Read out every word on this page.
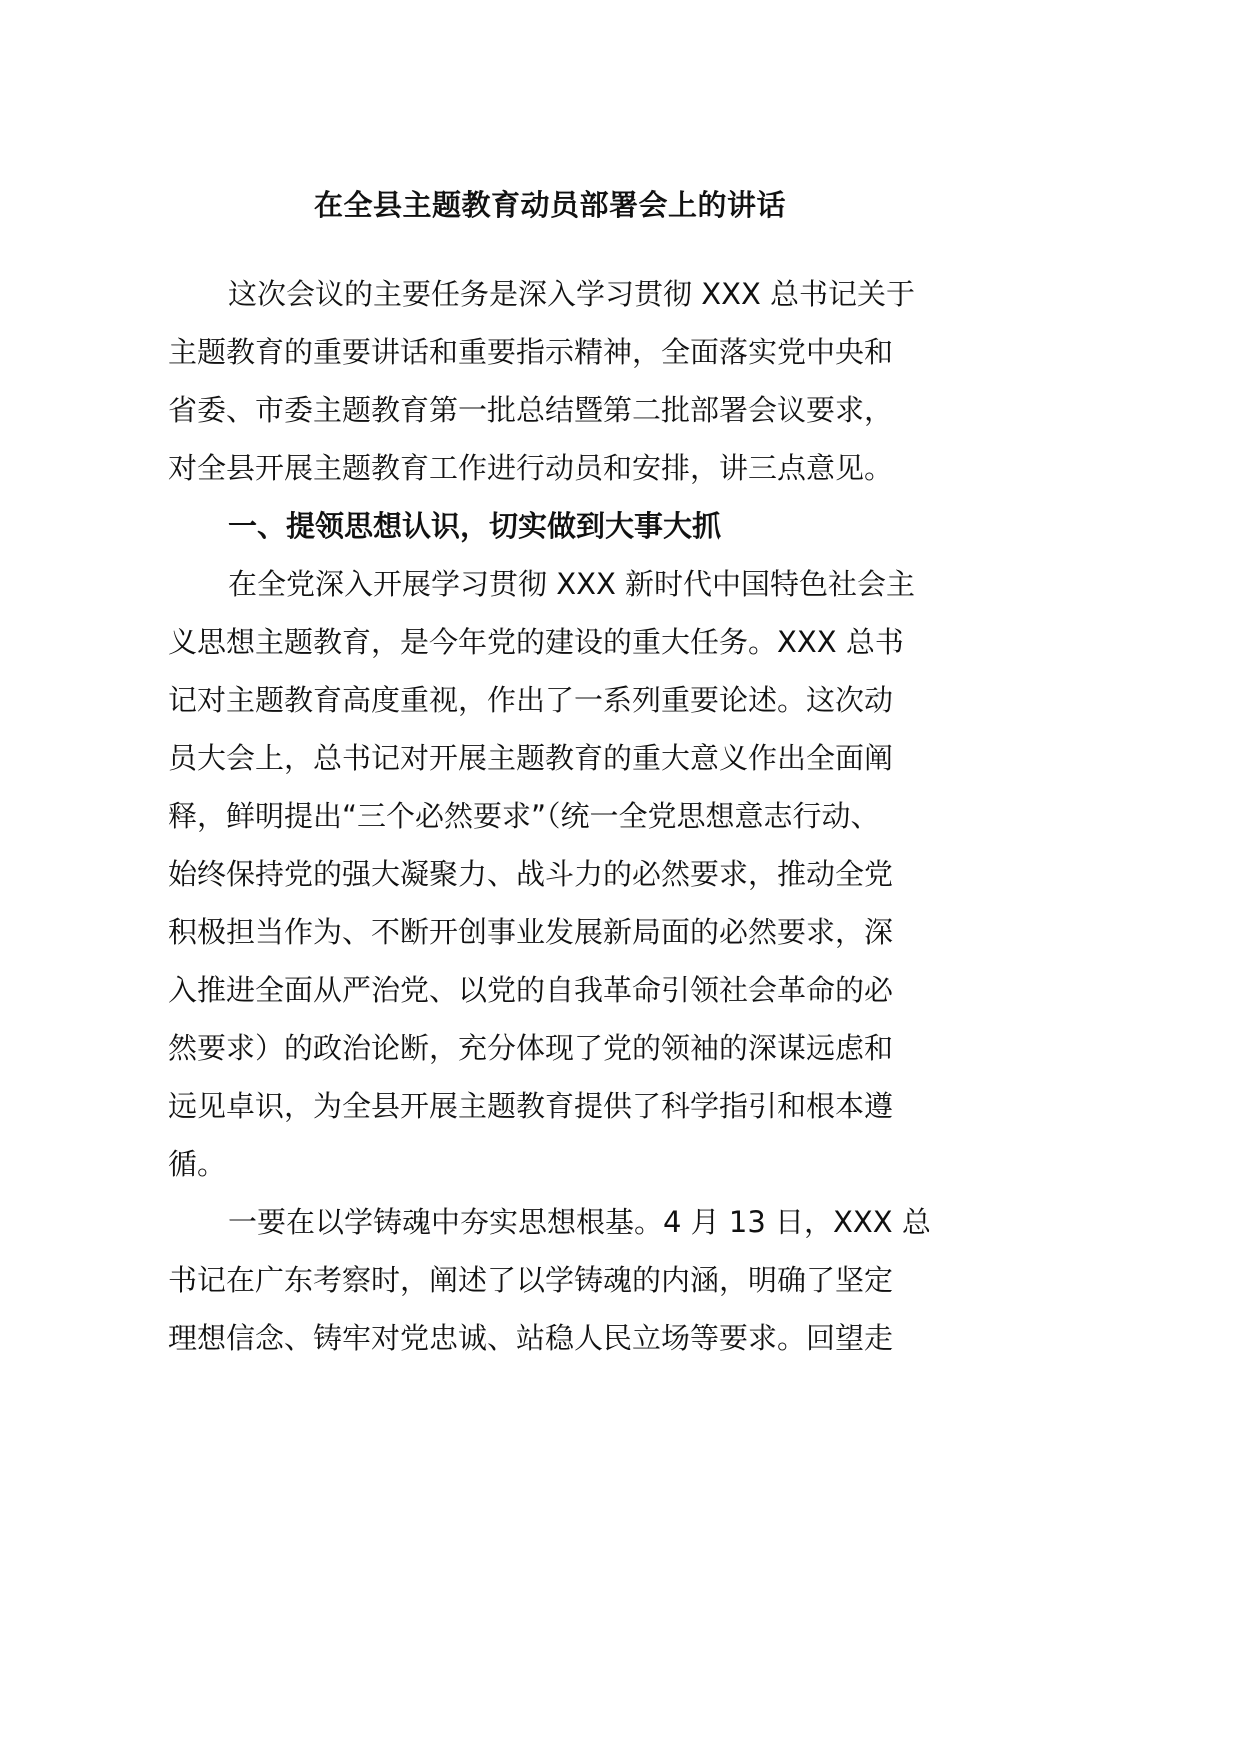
在全县主题教育动员部署会上的讲话

这次会议的主要任务是深入学习贯彻 XXX 总书记关于
主题教育的重要讲话和重要指示精神，全面落实党中央和
省委、市委主题教育第一批总结暨第二批部署会议要求，
对全县开展主题教育工作进行动员和安排，讲三点意见。

一、提领思想认识，切实做到大事大抓

在全党深入开展学习贯彻 XXX 新时代中国特色社会主
义思想主题教育，是今年党的建设的重大任务。XXX 总书
记对主题教育高度重视，作出了一系列重要论述。这次动
员大会上，总书记对开展主题教育的重大意义作出全面阐
释，鲜明提出“三个必然要求”（统一全党思想意志行动、
始终保持党的强大凝聚力、战斗力的必然要求，推动全党
积极担当作为、不断开创事业发展新局面的必然要求，深
入推进全面从严治党、以党的自我革命引领社会革命的必
然要求）的政治论断，充分体现了党的领袖的深谋远虑和
远见卓识，为全县开展主题教育提供了科学指引和根本遵
循。

一要在以学铸魂中夯实思想根基。4 月 13 日，XXX 总
书记在广东考察时，阐述了以学铸魂的内涵，明确了坚定
理想信念、铸牢对党忠诚、站稳人民立场等要求。回望走
